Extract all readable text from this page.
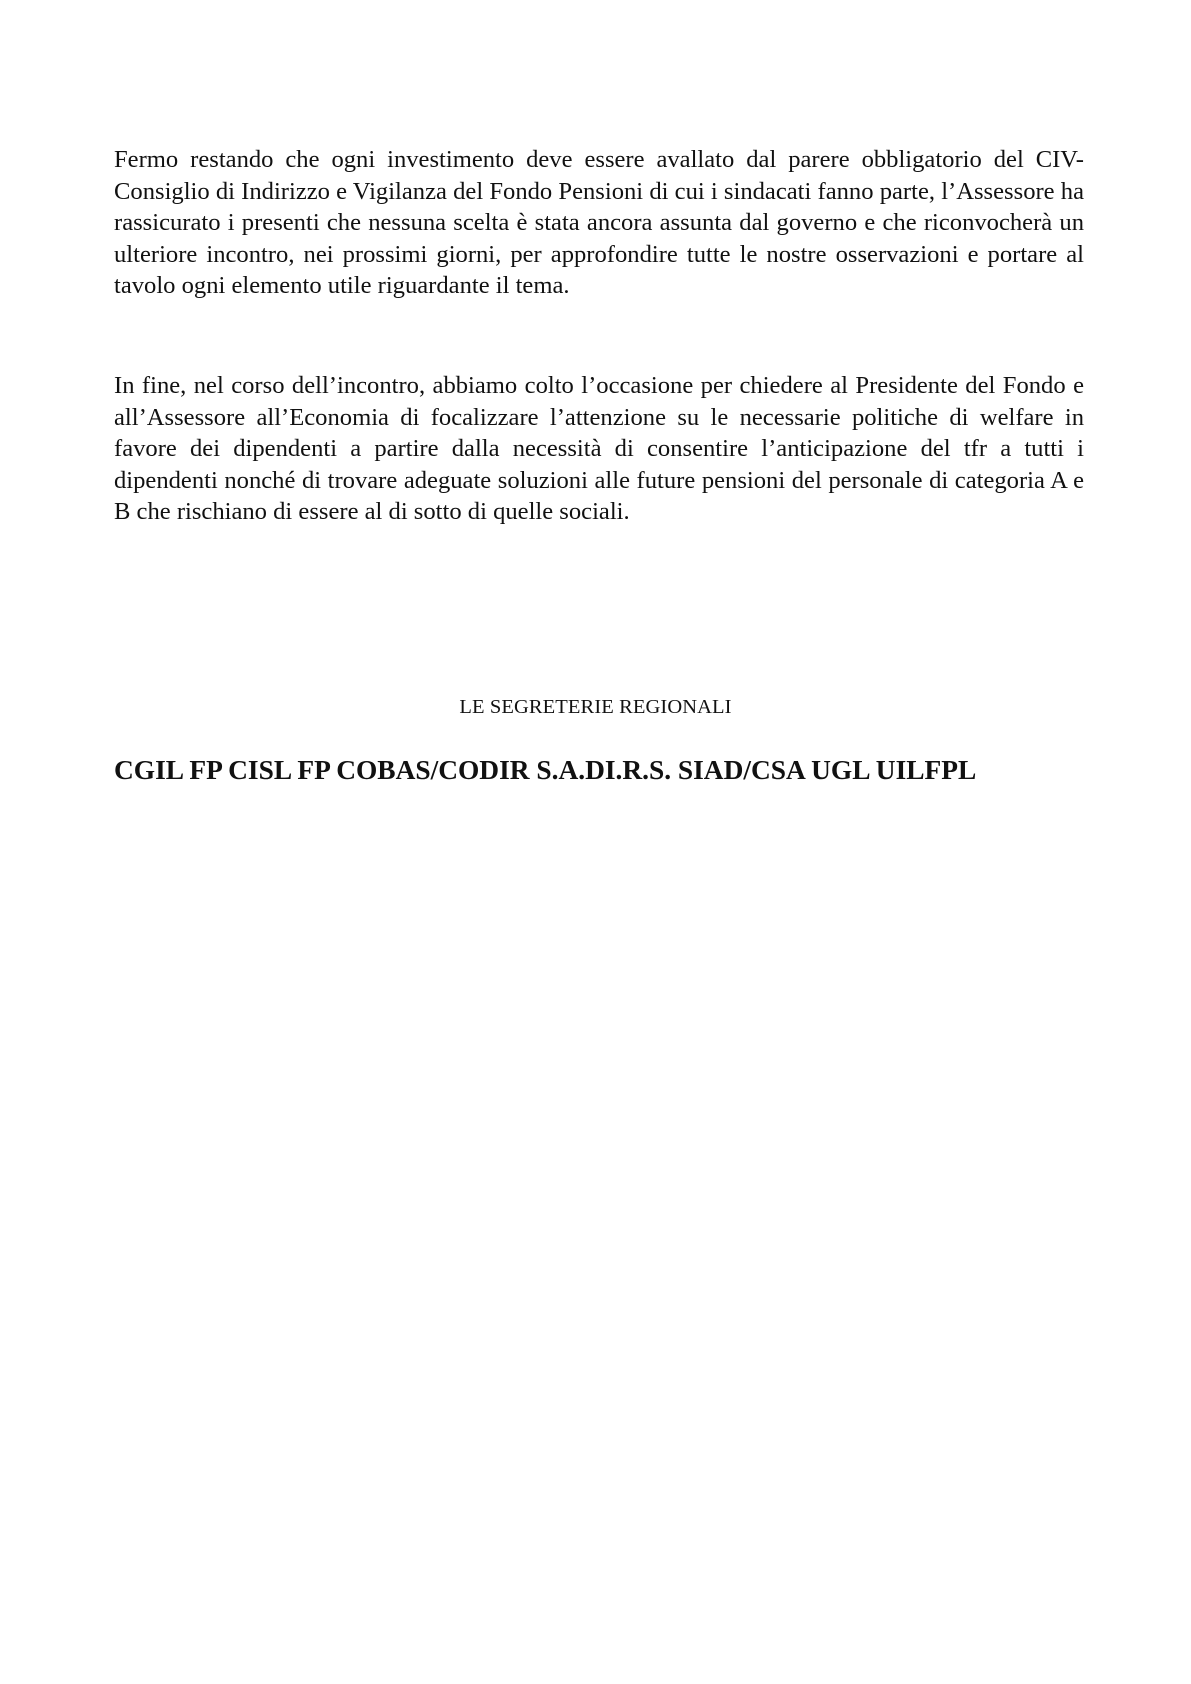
Fermo restando che ogni investimento deve essere avallato dal parere obbligatorio del CIV- Consiglio di Indirizzo e Vigilanza del Fondo Pensioni di cui i sindacati fanno parte, l’Assessore ha rassicurato i presenti che nessuna scelta è stata ancora assunta dal governo e che riconvocherà un ulteriore incontro, nei prossimi giorni, per approfondire tutte le nostre osservazioni e portare al tavolo ogni elemento utile riguardante il tema.

In fine, nel corso dell’incontro, abbiamo colto l’occasione per chiedere al Presidente del Fondo e all’Assessore all’Economia di focalizzare l’attenzione su le necessarie politiche di welfare in favore dei dipendenti a partire dalla necessità di consentire l’anticipazione del tfr a tutti i dipendenti nonché di trovare adeguate soluzioni alle future pensioni del personale di categoria A e B che rischiano di essere al di sotto di quelle sociali.

LE SEGRETERIE REGIONALI
CGIL FP CISL FP COBAS/CODIR S.A.DI.R.S. SIAD/CSA UGL UILFPL
